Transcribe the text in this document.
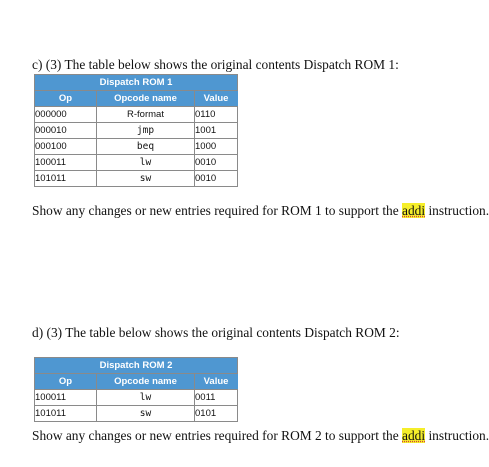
c) (3) The table below shows the original contents Dispatch ROM 1:
Dispatch ROM 1		
Op	Opcode name	Value
000000	R-format	0110
000010	jmp	1001
000100	beq	1000
100011	lw	0010
101011	sw	0010
Show any changes or new entries required for ROM 1 to support the addi instruction.
d) (3) The table below shows the original contents Dispatch ROM 2:
Dispatch ROM 2		
Op	Opcode name	Value
100011	lw	0011
101011	sw	0101
Show any changes or new entries required for ROM 2 to support the addi instruction.
